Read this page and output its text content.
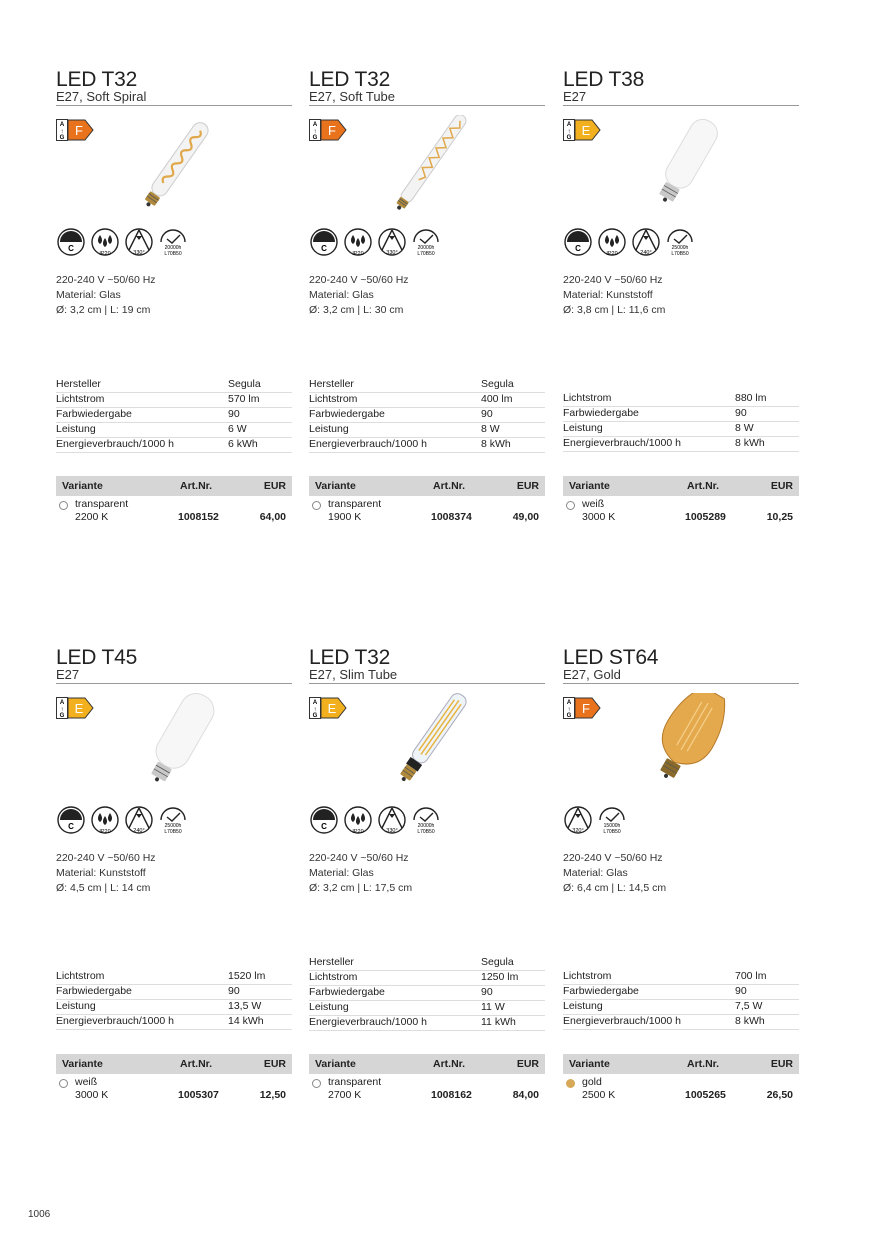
LED T32
E27, Soft Spiral
A
↑
G F
C
IP20	330°
20000h
L70B50
220-240 V ~50/60 Hz
Material: Glas
Ø: 3,2 cm | L: 19 cm
Hersteller	Segula
Lichtstrom	570 lm
Farbwiedergabe	90
Leistung	6 W
Energieverbrauch/1000 h	6 kWh
Variante	Art.Nr.	EUR
transparent
2200 K	1008152	64,00
LED T32
E27, Soft Tube
A
↑
G F
C
IP20	330°
20000h
L70B50
220-240 V ~50/60 Hz
Material: Glas
Ø: 3,2 cm | L: 30 cm
Hersteller	Segula
Lichtstrom	400 lm
Farbwiedergabe	90
Leistung	8 W
Energieverbrauch/1000 h	8 kWh
Variante	Art.Nr.	EUR
transparent
1900 K	1008374	49,00
LED T38
E27
A
↑
G E
C
IP20	240°
25000h
L70B50
220-240 V ~50/60 Hz
Material: Kunststoff
Ø: 3,8 cm | L: 11,6 cm
Lichtstrom	880 lm
Farbwiedergabe	90
Leistung	8 W
Energieverbrauch/1000 h	8 kWh
Variante	Art.Nr.	EUR
weiß
3000 K	1005289	10,25
LED T45
E27
A
↑
G E
C
IP20	240°
25000h
L70B50
220-240 V ~50/60 Hz
Material: Kunststoff
Ø: 4,5 cm | L: 14 cm
Lichtstrom	1520 lm
Farbwiedergabe	90
Leistung	13,5 W
Energieverbrauch/1000 h	14 kWh
Variante	Art.Nr.	EUR
weiß
3000 K	1005307	12,50
LED T32
E27, Slim Tube
A
↑
G E
C
IP20	330°
20000h
L70B50
220-240 V ~50/60 Hz
Material: Glas
Ø: 3,2 cm | L: 17,5 cm
Hersteller	Segula
Lichtstrom	1250 lm
Farbwiedergabe	90
Leistung	11 W
Energieverbrauch/1000 h	11 kWh
Variante	Art.Nr.	EUR
transparent
2700 K	1008162	84,00
LED ST64
E27, Gold
A
↑
G F
320°
15000h
L70B50
220-240 V ~50/60 Hz
Material: Glas
Ø: 6,4 cm | L: 14,5 cm
Lichtstrom	700 lm
Farbwiedergabe	90
Leistung	7,5 W
Energieverbrauch/1000 h	8 kWh
Variante	Art.Nr.	EUR
gold
2500 K	1005265	26,50
1006
